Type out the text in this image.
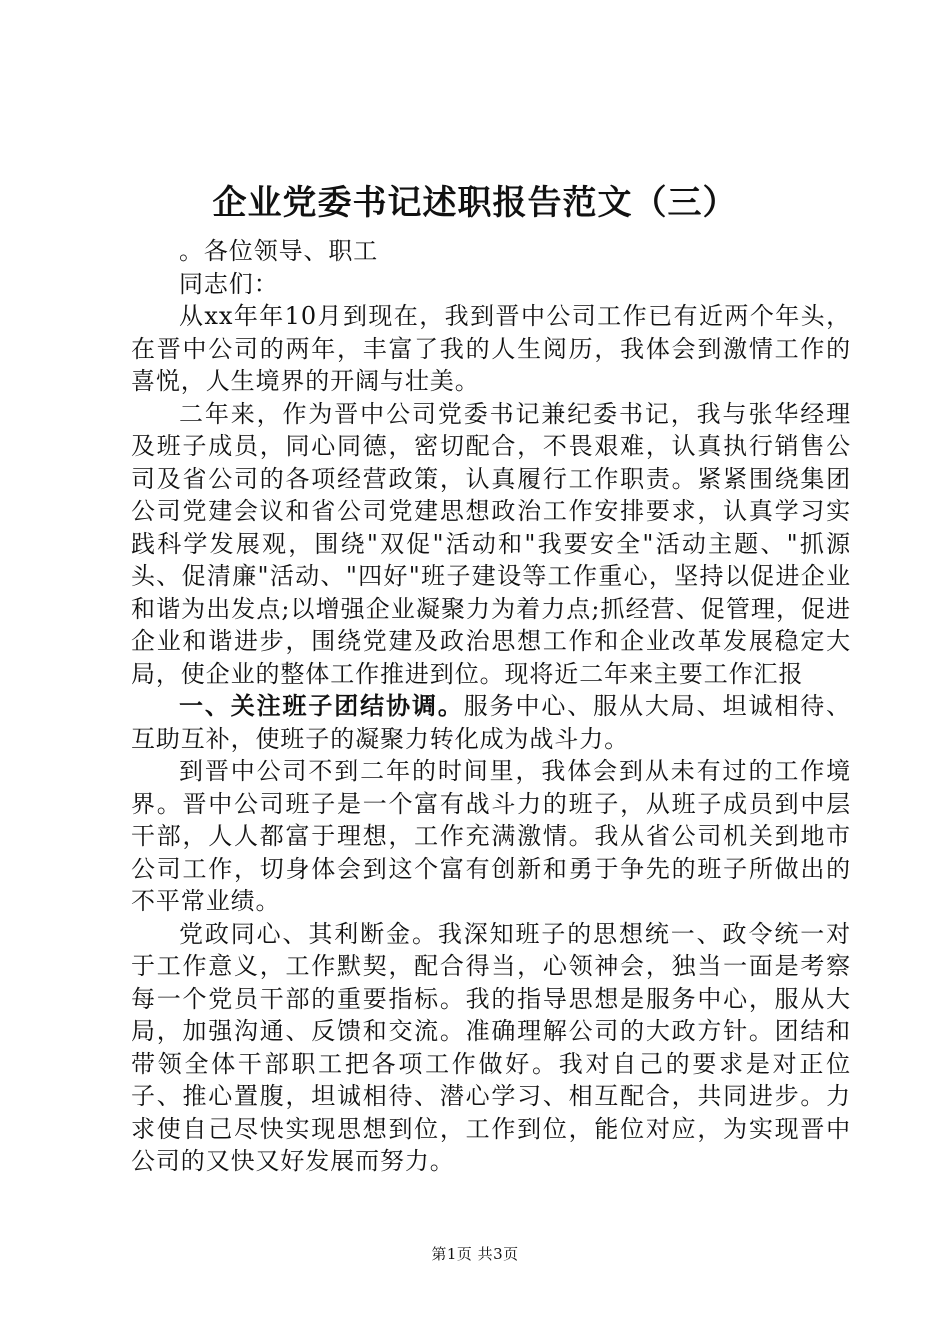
企业党委书记述职报告范文（三）

。各位领导、职工

同志们：

从xx年年10月到现在，我到晋中公司工作已有近两个年头，在晋中公司的两年，丰富了我的人生阅历，我体会到激情工作的喜悦，人生境界的开阔与壮美。

二年来，作为晋中公司党委书记兼纪委书记，我与张华经理及班子成员，同心同德，密切配合，不畏艰难，认真执行销售公司及省公司的各项经营政策，认真履行工作职责。紧紧围绕集团公司党建会议和省公司党建思想政治工作安排要求，认真学习实践科学发展观，围绕"双促"活动和"我要安全"活动主题、"抓源头、促清廉"活动、"四好"班子建设等工作重心，坚持以促进企业和谐为出发点;以增强企业凝聚力为着力点;抓经营、促管理，促进企业和谐进步，围绕党建及政治思想工作和企业改革发展稳定大局，使企业的整体工作推进到位。现将近二年来主要工作汇报

一、关注班子团结协调。服务中心、服从大局、坦诚相待、互助互补，使班子的凝聚力转化成为战斗力。

到晋中公司不到二年的时间里，我体会到从未有过的工作境界。晋中公司班子是一个富有战斗力的班子，从班子成员到中层干部，人人都富于理想，工作充满激情。我从省公司机关到地市公司工作，切身体会到这个富有创新和勇于争先的班子所做出的不平常业绩。

党政同心、其利断金。我深知班子的思想统一、政令统一对于工作意义，工作默契，配合得当，心领神会，独当一面是考察每一个党员干部的重要指标。我的指导思想是服务中心，服从大局，加强沟通、反馈和交流。准确理解公司的大政方针。团结和带领全体干部职工把各项工作做好。我对自己的要求是对正位子、推心置腹，坦诚相待、潜心学习、相互配合，共同进步。力求使自己尽快实现思想到位，工作到位，能位对应，为实现晋中公司的又快又好发展而努力。

第1页 共3页
